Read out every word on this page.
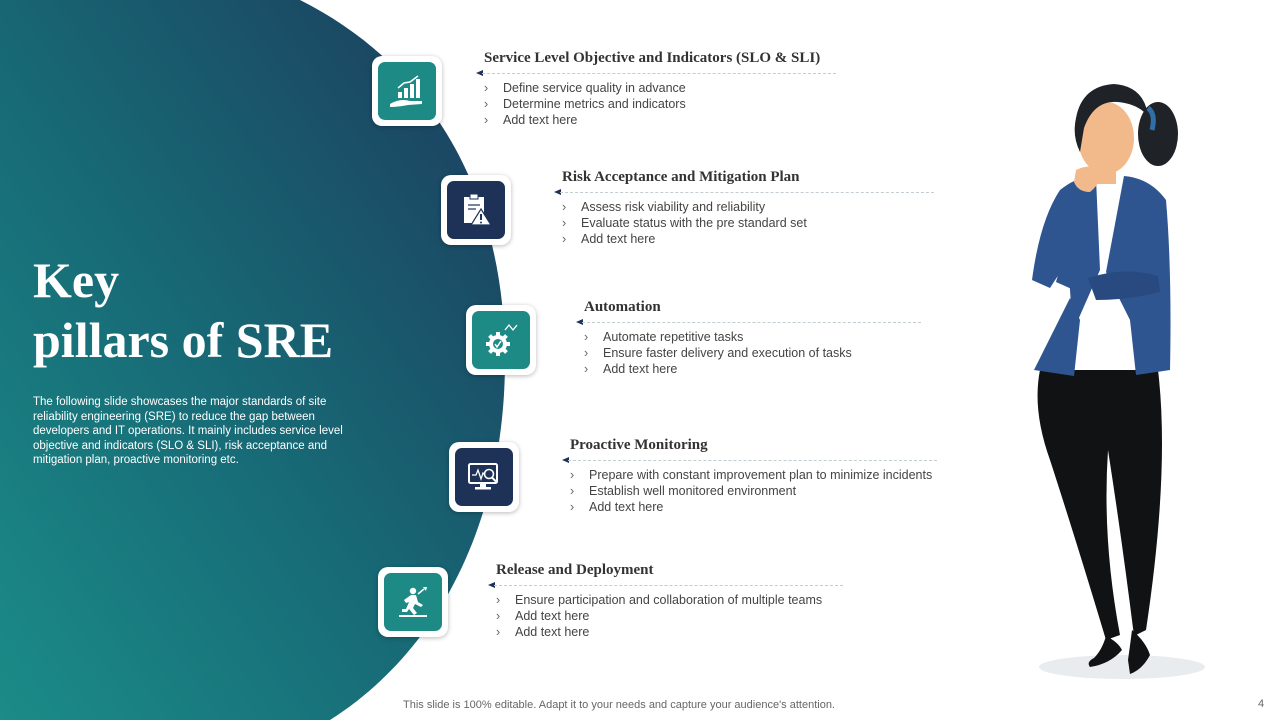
Key
pillars of SRE
The following slide showcases the major standards of site reliability engineering (SRE) to reduce the gap between developers and IT operations. It mainly includes service level objective and indicators (SLO & SLI), risk acceptance and mitigation plan, proactive monitoring etc.
Service Level Objective and Indicators (SLO & SLI)
› Define service quality in advance
› Determine metrics and indicators
› Add text here
Risk Acceptance and Mitigation Plan
› Assess risk viability and reliability
› Evaluate status with the pre standard set
› Add text here
Automation
› Automate repetitive tasks
› Ensure faster delivery and execution of tasks
› Add text here
Proactive Monitoring
› Prepare with constant improvement plan to minimize incidents
› Establish well monitored environment
› Add text here
Release and Deployment
› Ensure participation and collaboration of multiple teams
› Add text here
› Add text here
This slide is 100% editable. Adapt it to your needs and capture your audience's attention.	4
